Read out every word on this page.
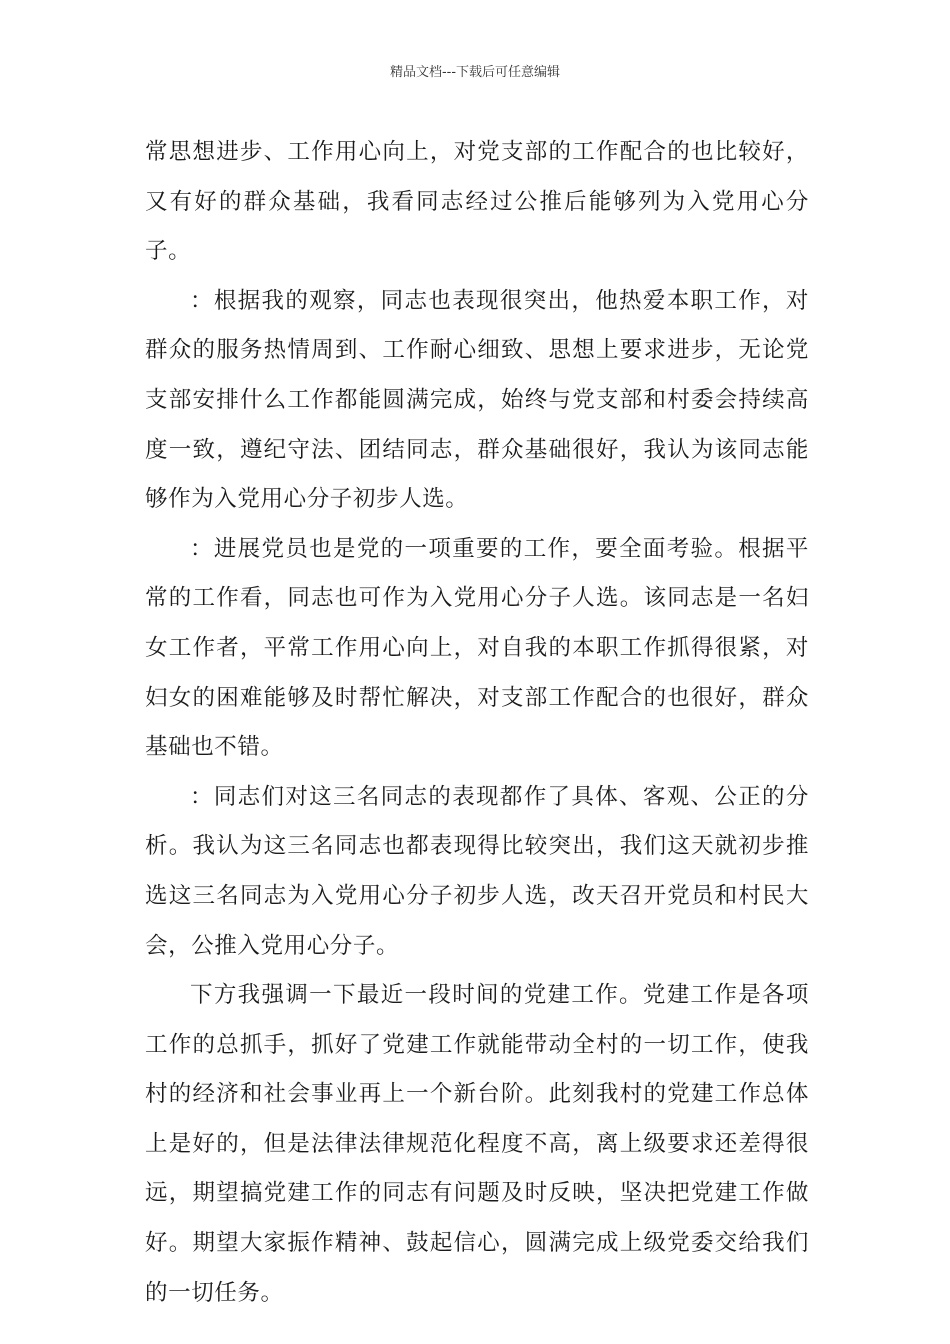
精品文档---下载后可任意编辑

常思想进步、工作用心向上，对党支部的工作配合的也比较好，又有好的群众基础，我看同志经过公推后能够列为入党用心分子。

：根据我的观察，同志也表现很突出，他热爱本职工作，对群众的服务热情周到、工作耐心细致、思想上要求进步，无论党支部安排什么工作都能圆满完成，始终与党支部和村委会持续高度一致，遵纪守法、团结同志，群众基础很好，我认为该同志能够作为入党用心分子初步人选。

：进展党员也是党的一项重要的工作，要全面考验。根据平常的工作看，同志也可作为入党用心分子人选。该同志是一名妇女工作者，平常工作用心向上，对自我的本职工作抓得很紧，对妇女的困难能够及时帮忙解决，对支部工作配合的也很好，群众基础也不错。

：同志们对这三名同志的表现都作了具体、客观、公正的分析。我认为这三名同志也都表现得比较突出，我们这天就初步推选这三名同志为入党用心分子初步人选，改天召开党员和村民大会，公推入党用心分子。

下方我强调一下最近一段时间的党建工作。党建工作是各项工作的总抓手，抓好了党建工作就能带动全村的一切工作，使我村的经济和社会事业再上一个新台阶。此刻我村的党建工作总体上是好的，但是法律法律规范化程度不高，离上级要求还差得很远，期望搞党建工作的同志有问题及时反映，坚决把党建工作做好。期望大家振作精神、鼓起信心，圆满完成上级党委交给我们的一切任务。
